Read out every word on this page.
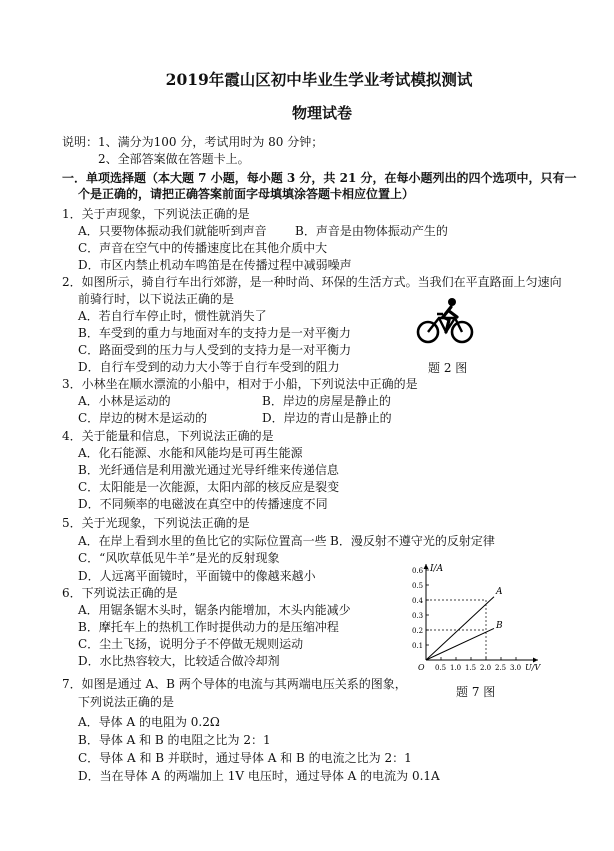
2019年霞山区初中毕业生学业考试模拟测试
物理试卷
说明：1、满分为100 分，考试用时为 80 分钟；
2、全部答案做在答题卡上。
一．单项选择题（本大题 7 小题，每小题 3 分，共 21 分，在每小题列出的四个选项中，只有一
个是正确的，请把正确答案前面字母填填涂答题卡相应位置上）
1．关于声现象，下列说法正确的是
A．只要物体振动我们就能听到声音 B．声音是由物体振动产生的
C．声音在空气中的传播速度比在其他介质中大
D．市区内禁止机动车鸣笛是在传播过程中减弱噪声
2．如图所示，骑自行车出行郊游，是一种时尚、环保的生活方式。当我们在平直路面上匀速向
前骑行时，以下说法正确的是
A．若自行车停止时，惯性就消失了
B．车受到的重力与地面对车的支持力是一对平衡力
C．路面受到的压力与人受到的支持力是一对平衡力
D．自行车受到的动力大小等于自行车受到的阻力	题 2 图
3．小林坐在顺水漂流的小船中，相对于小船，下列说法中正确的是
A．小林是运动的	B．岸边的房屋是静止的
C．岸边的树木是运动的	D．岸边的青山是静止的
4．关于能量和信息，下列说法正确的是
A．化石能源、水能和风能均是可再生能源
B．光纤通信是利用激光通过光导纤维来传递信息
C．太阳能是一次能源，太阳内部的核反应是裂变
D．不同频率的电磁波在真空中的传播速度不同
5．关于光现象，下列说法正确的是
A．在岸上看到水里的鱼比它的实际位置高一些 B．漫反射不遵守光的反射定律
C．“风吹草低见牛羊”是光的反射现象
D．人远离平面镜时，平面镜中的像越来越小
6．下列说法正确的是
A．用锯条锯木头时，锯条内能增加，木头内能减少
B．摩托车上的热机工作时提供动力的是压缩冲程
C．尘土飞扬，说明分子不停做无规则运动
D．水比热容较大，比较适合做冷却剂
7．如图是通过 A、B 两个导体的电流与其两端电压关系的图象，
下列说法正确的是
A．导体 A 的电阻为 0.2Ω
B．导体 A 和 B 的电阻之比为 2：1
C．导体 A 和 B 并联时，通过导体 A 和 B 的电流之比为 2：1
D．当在导体 A 的两端加上 1V 电压时，通过导体 A 的电流为 0.1A
I/A
U/V
O
0.6
0.5
0.4
0.3
0.2
0.1
0.5 1.0 1.5 2.0 2.5 3.0
A
B
题 7 图
